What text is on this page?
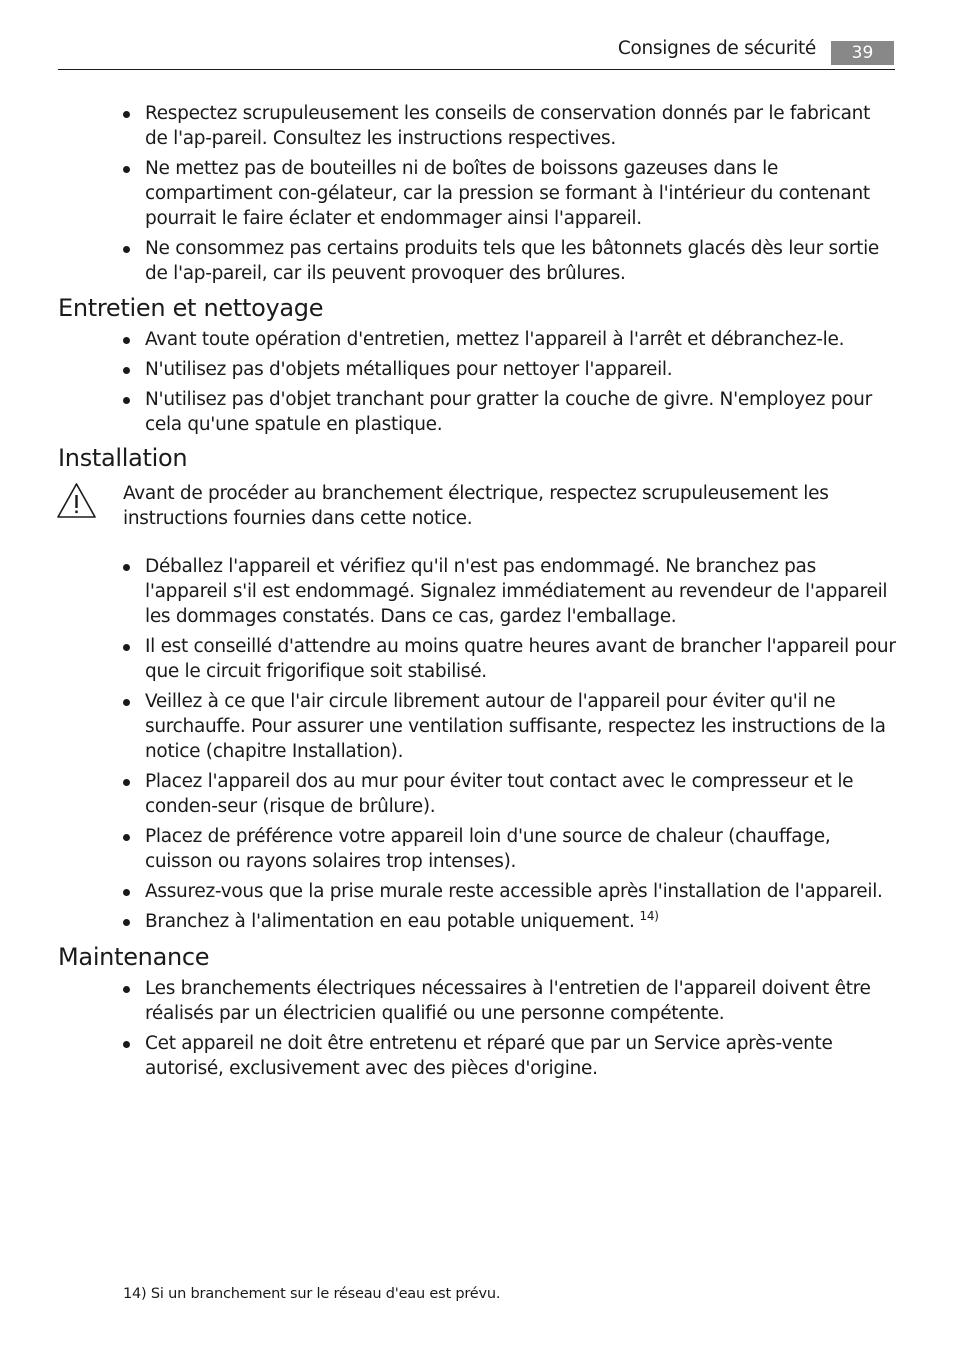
Consignes de sécurité	39
Respectez scrupuleusement les conseils de conservation donnés par le fabricant de l'ap-pareil. Consultez les instructions respectives.
Ne mettez pas de bouteilles ni de boîtes de boissons gazeuses dans le compartiment con-gélateur, car la pression se formant à l'intérieur du contenant pourrait le faire éclater et endommager ainsi l'appareil.
Ne consommez pas certains produits tels que les bâtonnets glacés dès leur sortie de l'ap-pareil, car ils peuvent provoquer des brûlures.
Entretien et nettoyage
Avant toute opération d'entretien, mettez l'appareil à l'arrêt et débranchez-le.
N'utilisez pas d'objets métalliques pour nettoyer l'appareil.
N'utilisez pas d'objet tranchant pour gratter la couche de givre. N'employez pour cela qu'une spatule en plastique.
Installation
Avant de procéder au branchement électrique, respectez scrupuleusement les instructions fournies dans cette notice.
Déballez l'appareil et vérifiez qu'il n'est pas endommagé. Ne branchez pas l'appareil s'il est endommagé. Signalez immédiatement au revendeur de l'appareil les dommages constatés. Dans ce cas, gardez l'emballage.
Il est conseillé d'attendre au moins quatre heures avant de brancher l'appareil pour que le circuit frigorifique soit stabilisé.
Veillez à ce que l'air circule librement autour de l'appareil pour éviter qu'il ne surchauffe. Pour assurer une ventilation suffisante, respectez les instructions de la notice (chapitre Installation).
Placez l'appareil dos au mur pour éviter tout contact avec le compresseur et le conden-seur (risque de brûlure).
Placez de préférence votre appareil loin d'une source de chaleur (chauffage, cuisson ou rayons solaires trop intenses).
Assurez-vous que la prise murale reste accessible après l'installation de l'appareil.
Branchez à l'alimentation en eau potable uniquement. $^{14)}$
Maintenance
Les branchements électriques nécessaires à l'entretien de l'appareil doivent être réalisés par un électricien qualifié ou une personne compétente.
Cet appareil ne doit être entretenu et réparé que par un Service après-vente autorisé, exclusivement avec des pièces d'origine.
14) Si un branchement sur le réseau d'eau est prévu.
